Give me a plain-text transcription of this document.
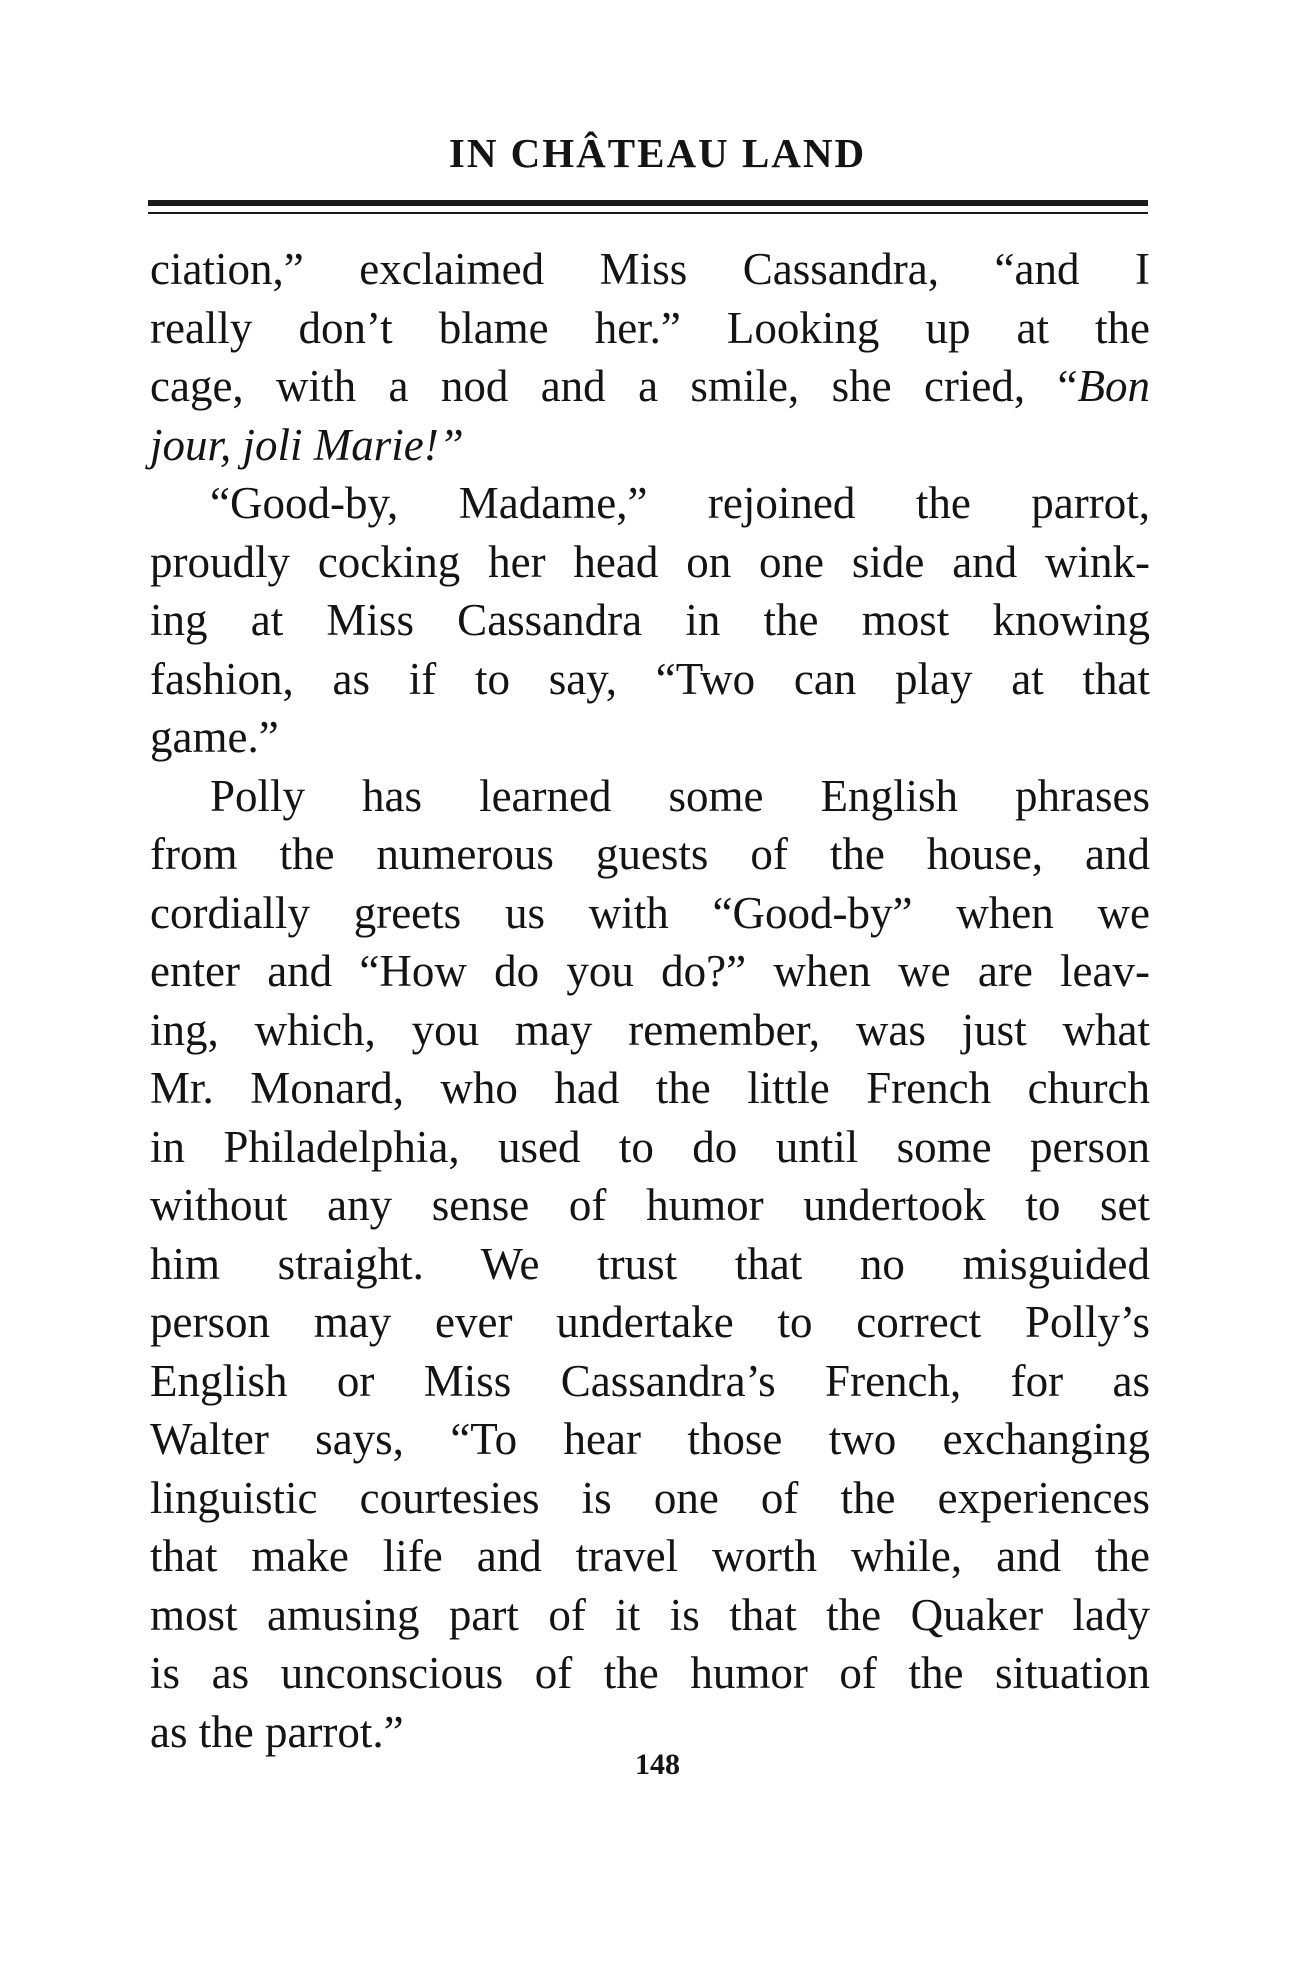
IN CHÂTEAU LAND

ciation,” exclaimed Miss Cassandra, “and I
really don’t blame her.” Looking up at the
cage, with a nod and a smile, she cried, “Bon
jour, joli Marie!”

“Good-by, Madame,” rejoined the parrot,
proudly cocking her head on one side and wink-
ing at Miss Cassandra in the most knowing
fashion, as if to say, “Two can play at that
game.”

Polly has learned some English phrases
from the numerous guests of the house, and
cordially greets us with “Good-by” when we
enter and “How do you do?” when we are leav-
ing, which, you may remember, was just what
Mr. Monard, who had the little French church
in Philadelphia, used to do until some person
without any sense of humor undertook to set
him straight. We trust that no misguided
person may ever undertake to correct Polly’s
English or Miss Cassandra’s French, for as
Walter says, “To hear those two exchanging
linguistic courtesies is one of the experiences
that make life and travel worth while, and the
most amusing part of it is that the Quaker lady
is as unconscious of the humor of the situation
as the parrot.”

148
